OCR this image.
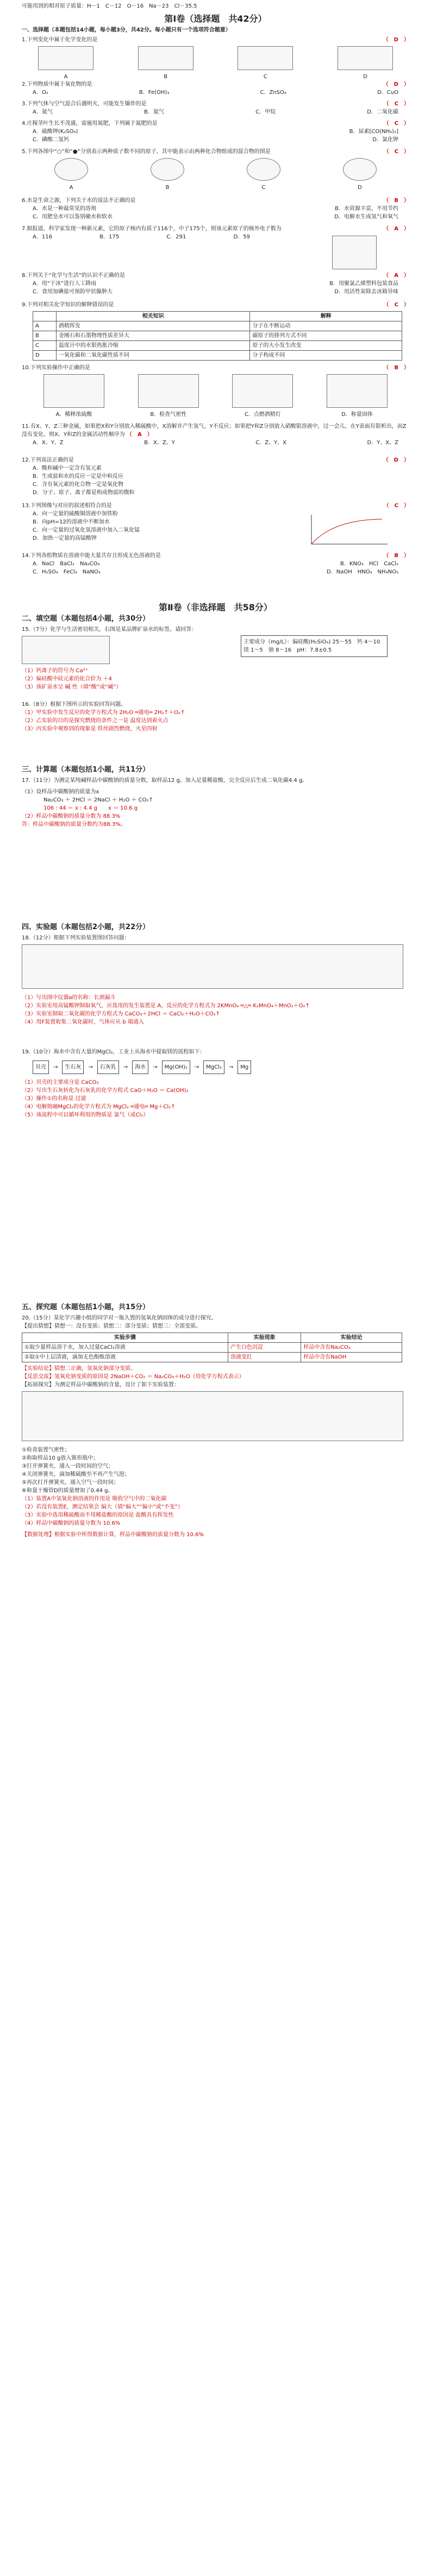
可能用到的相对原子质量：H－1　C－12　O－16　Na－23　Cl－35.5
第Ⅰ卷（选择题　共42分）
一、选择题（本题包括14小题，每小题3分，共42分。每小题只有一个选项符合题意）
1.下列变化中属于化学变化的是	（　D　）
A	B	C	D
2.下列物质中属于氧化物的是	（　D　）
A．O₂	B．Fe(OH)₃	C．ZnSO₄	D．CuO
3.下列气体与空气混合后遇明火，可能发生爆炸的是	（　C　）
A．氮气	B．氦气	C．甲烷	D．二氧化碳
4.庄稼茎叶生长不茂盛，需施用氮肥，下列属于氮肥的是	（　C　）
A．硫酸钾(K₂SO₄)	B．尿素[CO(NH₂)₂]
C．磷酸二氢钙	D．氯化钾
5.下列各图中“○”和“●”分别表示两种质子数不同的原子，其中能表示由两种化合物组成的混合物的图是	（　C　）
A	B	C	D
6.水是生命之源，下列关于水的说法不正确的是	（　B　）
A．水是一种最常见的溶剂	B．水资源丰富，不用节约
C．用肥皂水可以鉴别硬水和软水	D．电解水生成氢气和氧气
7.据报道，科学家发现一种新元素，它的原子核内有质子116个，中子175个，则该元素原子的核外电子数为	（　A　）
A．116	B．175	C．291	D．59
8.下列关于“化学与生活”的认识不正确的是	（　A　）
A．用“干冰”进行人工降雨	B．用聚氯乙烯塑料包装食品
C．食用加碘盐可预防甲状腺肿大	D．用活性炭除去冰箱异味
9.下列对相关化学知识的解释错误的是	（　C　）
	相关知识	解释
A	酒精挥发	分子在不断运动
B	金刚石和石墨物理性质差异大	碳原子的排列方式不同
C	温度计中的水银热胀冷缩	原子的大小发生改变
D	一氧化碳和二氧化碳性质不同	分子构成不同
10.下列实验操作中正确的是	（　B　）
A．稀释浓硫酸	B．检查气密性	C．点燃酒精灯	D．称量固体
11.有X、Y、Z三种金属，如果把X和Y分别放入稀硫酸中，X溶解并产生氢气，Y不反应；如果把Y和Z分别放入硝酸银溶液中，过一会儿，在Y表面有银析出，而Z没有变化。则X、Y和Z的金属活动性顺序为 （　A　）
A．X、Y、Z	B．X、Z、Y	C．Z、Y、X	D．Y、X、Z
12.下列说法正确的是	（　D　）
A．酸和碱中一定含有氢元素
B．生成盐和水的反应一定是中和反应
C．含有氧元素的化合物一定是氧化物
D．分子、原子、离子都是构成物质的微粒
13.下列图像与对应的叙述相符合的是	（　C　）
A．向一定量的硫酸铜溶液中加铁粉
B．向pH=12的溶液中不断加水
C．向一定量的过氧化氢溶液中加入二氧化锰
D．加热一定量的高锰酸钾
14.下列各组物质在溶液中能大量共存且形成无色溶液的是	（　B　）
A．NaCl　BaCl₂　Na₂CO₃	B．KNO₃　HCl　CaCl₂
C．H₂SO₄　FeCl₃　NaNO₃	D．NaOH　HNO₃　NH₄NO₃
第Ⅱ卷（非选择题　共58分）
二、填空题（本题包括4小题，共30分）
15.（7分）化学与生活密切相关，右图是某品牌矿泉水的标签。请回答：
主要成分（mg/L）：偏硅酸(H₂SiO₃) 25～55　钙 4～10　镁 1～5　钠 8～16　pH：7.8±0.5
（1）钙离子的符号为 Ca²⁺
（2）偏硅酸中硅元素的化合价为 ＋4
（3）该矿泉水呈 碱 性（填“酸”或“碱”）
16.（8分）根据下图所示的实验回答问题。
（1）甲实验中发生反应的化学方程式为 2H₂O ═通电═ 2H₂↑＋O₂↑
（2）乙实验的目的是探究燃烧的条件之一是 温度达到着火点
（3）丙实验中观察到的现象是 铁丝剧烈燃烧，火星四射
三、计算题（本题包括1小题，共11分）
17.（11分）为测定某纯碱样品中碳酸钠的质量分数，取样品12 g，加入足量稀盐酸，完全反应后生成二氧化碳4.4 g。
（1）设样品中碳酸钠的质量为x
Na₂CO₃ ＋ 2HCl ＝ 2NaCl ＋ H₂O ＋ CO₂↑
106 : 44 ＝ x : 4.4 g　　x ＝ 10.6 g
（2）样品中碳酸钠的质量分数为 88.3%
答：样品中碳酸钠的质量分数约为88.3%。
四、实验题（本题包括2小题，共22分）
18.（12分）根据下列实验装置图回答问题：
（1）写出图中仪器a的名称：长颈漏斗
（2）实验室用高锰酸钾制取氧气，应选用的发生装置是 A，反应的化学方程式为 2KMnO₄ ═△═ K₂MnO₄＋MnO₂＋O₂↑
（3）实验室制取二氧化碳的化学方程式为 CaCO₃＋2HCl ＝ CaCl₂＋H₂O＋CO₂↑
（4）用F装置收集二氧化碳时，气体应从 b 端通入
19.（10分）海水中含有大量的MgCl₂，工业上从海水中提取镁的流程如下：
贝壳	→	生石灰	→	石灰乳	→	海水	→	Mg(OH)₂	→	MgCl₂	→	Mg
（1）贝壳的主要成分是 CaCO₃
（2）写出生石灰转化为石灰乳的化学方程式 CaO＋H₂O ＝ Ca(OH)₂
（3）操作①的名称是 过滤
（4）电解熔融MgCl₂的化学方程式为 MgCl₂ ═通电═ Mg＋Cl₂↑
（5）该流程中可以循环利用的物质是 氯气（或Cl₂）
五、探究题（本题包括1小题，共15分）
20.（15分）某化学兴趣小组的同学对一瓶久置的氢氧化钠固体的成分进行探究。
【提出猜想】猜想一：没有变质；猜想二：部分变质；猜想三：全部变质。
实验步骤	实验现象	实验结论
①取少量样品溶于水，加入过量CaCl₂溶液	产生白色沉淀	样品中含有Na₂CO₃
②取①中上层清液，滴加无色酚酞溶液	溶液变红	样品中含有NaOH
【实验结论】猜想二正确，氢氧化钠部分变质。
【反思交流】氢氧化钠变质的原因是 2NaOH＋CO₂ ＝ Na₂CO₃＋H₂O（用化学方程式表示）
【拓展探究】为测定样品中碳酸钠的含量，设计了如下实验装置：
①检查装置气密性；
②称取样品10 g放入锥形瓶中；
③打开弹簧夹，通入一段时间的空气；
④关闭弹簧夹，滴加稀硫酸至不再产生气泡；
⑤再次打开弹簧夹，通入空气一段时间；
⑥称量干燥管D的质量增加了0.44 g。
（1）装置A中氢氧化钠溶液的作用是 吸收空气中的二氧化碳
（2）若没有装置E，测定结果会 偏大（填“偏大”“偏小”或“不变”）
（3）实验中选用稀硫酸而不用稀盐酸的原因是 盐酸具有挥发性
（4）样品中碳酸钠的质量分数为 10.6%
【数据处理】根据实验中所得数据计算，样品中碳酸钠的质量分数为 10.6%
